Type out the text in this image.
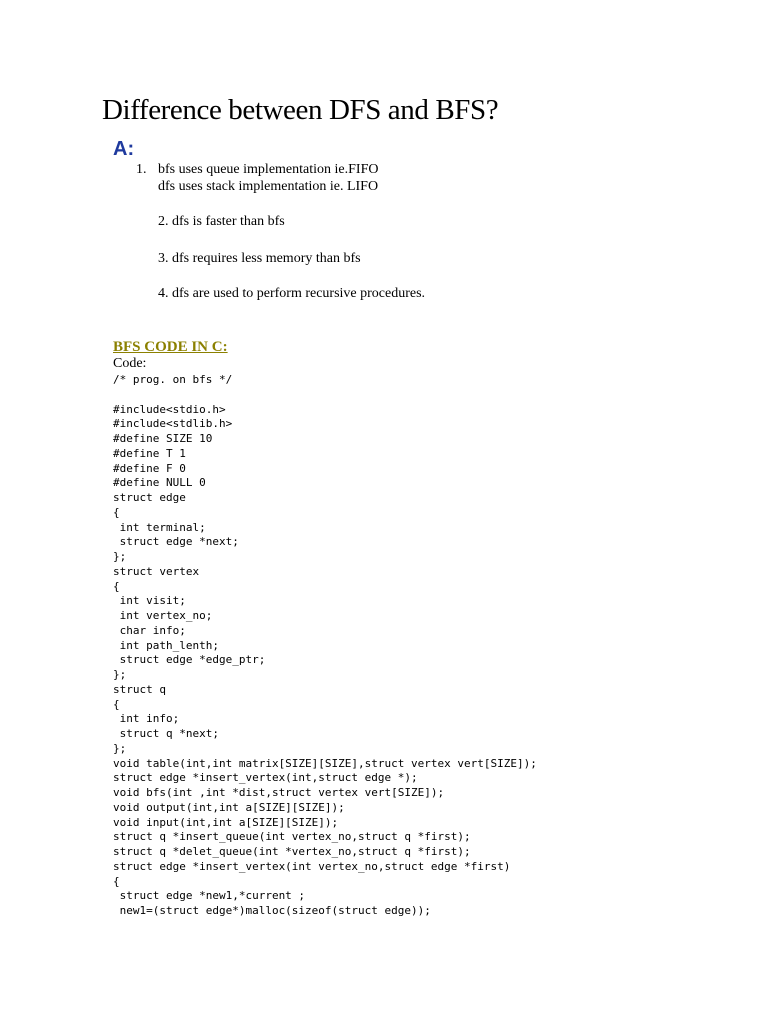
Difference between DFS and BFS?
A:
1. bfs uses queue implementation ie.FIFO
dfs uses stack implementation ie. LIFO
2. dfs is faster than bfs
3. dfs requires less memory than bfs
4. dfs are used to perform recursive procedures.
BFS CODE IN C:
Code:
/* prog. on bfs */

#include<stdio.h>
#include<stdlib.h>
#define SIZE 10
#define T 1
#define F 0
#define NULL 0
struct edge
{
int terminal;
struct edge *next;
};
struct vertex
{
int visit;
int vertex_no;
char info;
int path_lenth;
struct edge *edge_ptr;
};
struct q
{
int info;
struct q *next;
};
void table(int,int matrix[SIZE][SIZE],struct vertex vert[SIZE]);
struct edge *insert_vertex(int,struct edge *);
void bfs(int ,int *dist,struct vertex vert[SIZE]);
void output(int,int a[SIZE][SIZE]);
void input(int,int a[SIZE][SIZE]);
struct q *insert_queue(int vertex_no,struct q *first);
struct q *delet_queue(int *vertex_no,struct q *first);
struct edge *insert_vertex(int vertex_no,struct edge *first)
{
struct edge *new1,*current ;
new1=(struct edge*)malloc(sizeof(struct edge));
